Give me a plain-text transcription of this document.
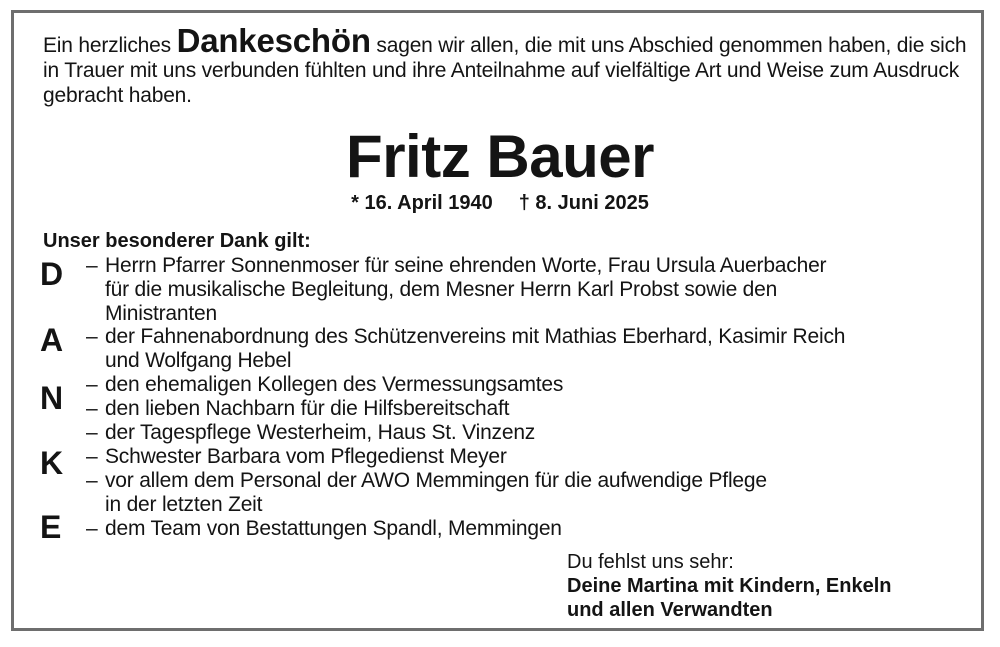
Ein herzliches Dankeschön sagen wir allen, die mit uns Abschied genommen haben, die sich in Trauer mit uns verbunden fühlten und ihre Anteilnahme auf vielfältige Art und Weise zum Ausdruck gebracht haben.
Fritz Bauer
* 16. April 1940 † 8. Juni 2025
Unser besonderer Dank gilt:
D
A
N
K
E
– Herrn Pfarrer Sonnenmoser für seine ehrenden Worte, Frau Ursula Auerbacher
für die musikalische Begleitung, dem Mesner Herrn Karl Probst sowie den
Ministranten
– der Fahnenabordnung des Schützenvereins mit Mathias Eberhard, Kasimir Reich
und Wolfgang Hebel
– den ehemaligen Kollegen des Vermessungsamtes
– den lieben Nachbarn für die Hilfsbereitschaft
– der Tagespflege Westerheim, Haus St. Vinzenz
– Schwester Barbara vom Pflegedienst Meyer
– vor allem dem Personal der AWO Memmingen für die aufwendige Pflege
in der letzten Zeit
– dem Team von Bestattungen Spandl, Memmingen
Du fehlst uns sehr:
Deine Martina mit Kindern, Enkeln
und allen Verwandten
